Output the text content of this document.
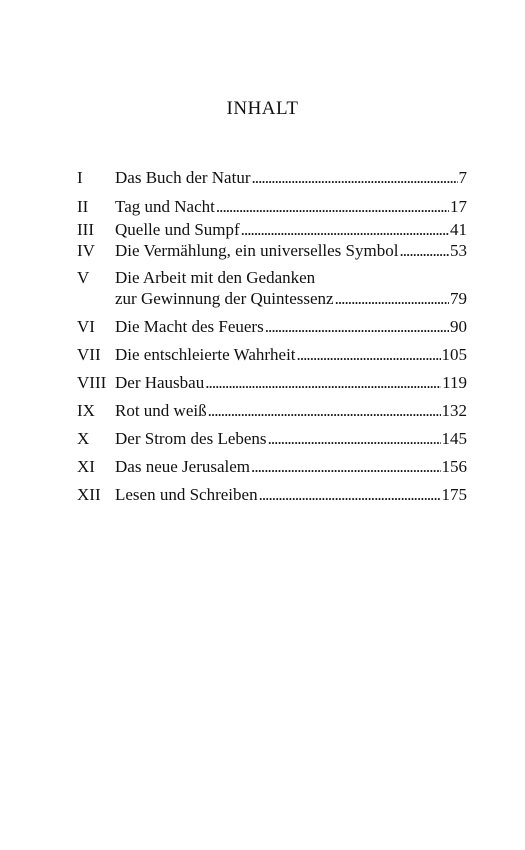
INHALT
I	Das Buch der Natur . . .	7
II	Tag und Nacht . . .	17
III	Quelle und Sumpf . . .	41
IV	Die Vermählung, ein universelles Symbol . . .	53
V	Die Arbeit mit den Gedanken
zur Gewinnung der Quintessenz . . .	79
VI	Die Macht des Feuers . . .	90
VII Die entschleierte Wahrheit . . .	105
VIII Der Hausbau . . .	119
IX	Rot und weiß . . .	132
X	Der Strom des Lebens . . .	145
XI	Das neue Jerusalem . . .	156
XII Lesen und Schreiben . . .	175
